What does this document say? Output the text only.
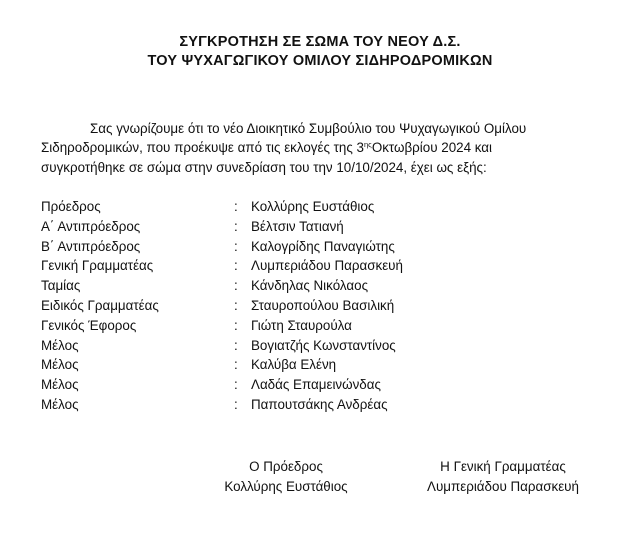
ΣΥΓΚΡΟΤΗΣΗ ΣΕ ΣΩΜΑ ΤΟΥ ΝΕΟΥ Δ.Σ.
ΤΟΥ ΨΥΧΑΓΩΓΙΚΟΥ ΟΜΙΛΟΥ ΣΙΔΗΡΟΔΡΟΜΙΚΩΝ

Σας γνωρίζουμε ότι το νέο Διοικητικό Συμβούλιο του Ψυχαγωγικού Ομίλου

Σιδηροδρομικών, που προέκυψε από τις εκλογές της $3^{\eta\varsigma}O\kappa\tau\omega\beta\rho ίo\upsilon$ 2024 και

συγκροτήθηκε σε σώμα στην συνεδρίαση του την 10/10/2024, έχει ως εξής:

Πρόεδρος	: Κολλύρης Ευστάθιος
Α΄ Αντιπρόεδρος	: Βέλτσιν Τατιανή
Β΄ Αντιπρόεδρος	: Καλογρίδης Παναγιώτης
Γενική Γραμματέας	: Λυμπεριάδου Παρασκευή
Ταμίας	: Κάνδηλας Νικόλαος
Ειδικός Γραμματέας	: Σταυροπούλου Βασιλική
Γενικός Έφορος	: Γιώτη Σταυρούλα
Μέλος	: Βογιατζής Κωνσταντίνος
Μέλος	: Καλύβα Ελένη
Μέλος	: Λαδάς Επαμεινώνδας
Μέλος	: Παπουτσάκης Ανδρέας
Ο Πρόεδρος
Κολλύρης Ευστάθιος
Η Γενική Γραμματέας
Λυμπεριάδου Παρασκευή
